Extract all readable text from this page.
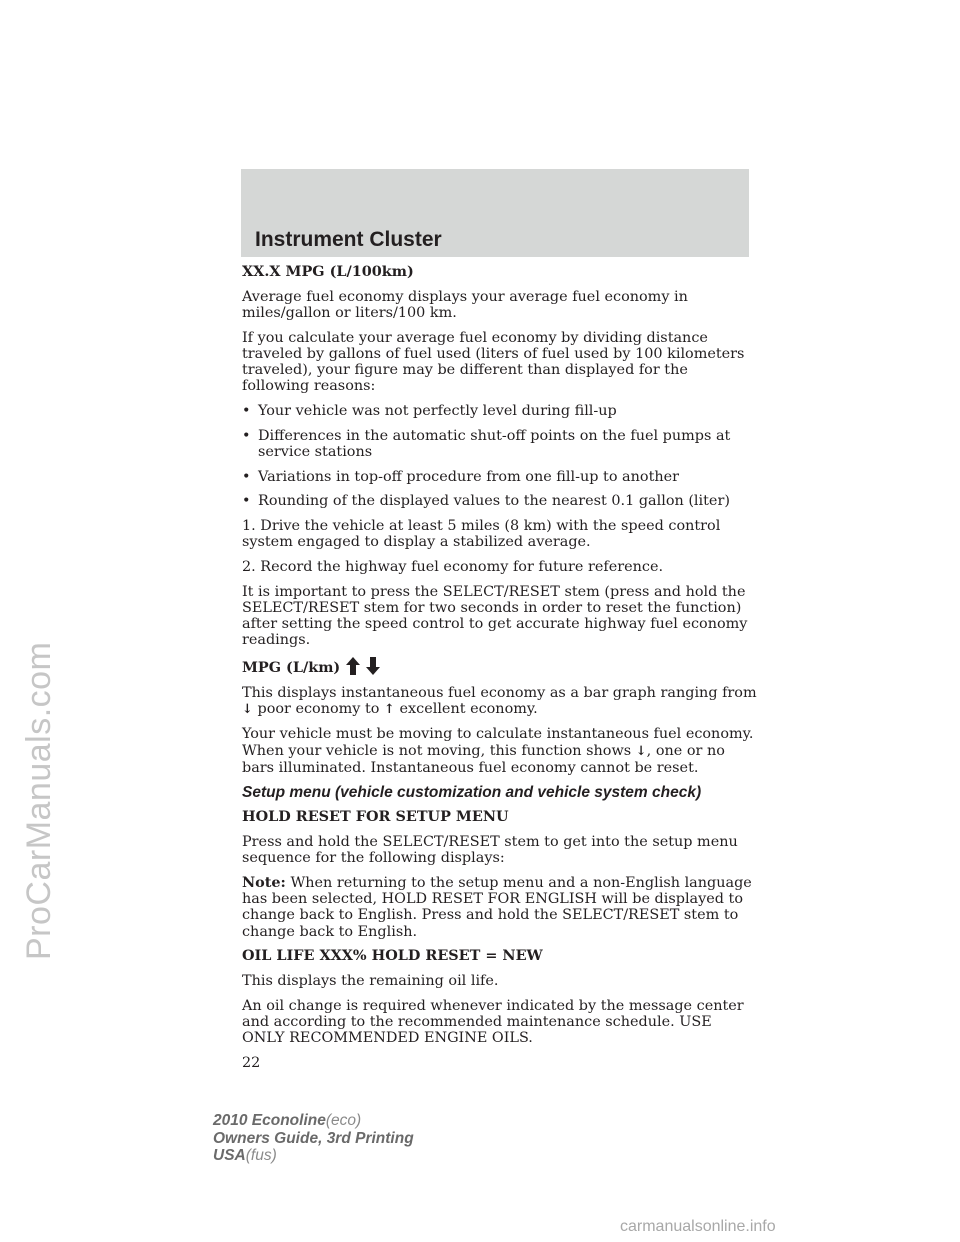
ProCarManuals.com
Instrument Cluster

XX.X MPG (L/100km)

Average fuel economy displays your average fuel economy in miles/gallon or liters/100 km.

If you calculate your average fuel economy by dividing distance traveled by gallons of fuel used (liters of fuel used by 100 kilometers traveled), your figure may be different than displayed for the following reasons:

• Your vehicle was not perfectly level during fill-up
• Differences in the automatic shut-off points on the fuel pumps at service stations
• Variations in top-off procedure from one fill-up to another
• Rounding of the displayed values to the nearest 0.1 gallon (liter)

1. Drive the vehicle at least 5 miles (8 km) with the speed control system engaged to display a stabilized average.

2. Record the highway fuel economy for future reference.

It is important to press the SELECT/RESET stem (press and hold the SELECT/RESET stem for two seconds in order to reset the function) after setting the speed control to get accurate highway fuel economy readings.

MPG (L/km)

This displays instantaneous fuel economy as a bar graph ranging from ↓ poor economy to ↑ excellent economy.

Your vehicle must be moving to calculate instantaneous fuel economy. When your vehicle is not moving, this function shows ↓, one or no bars illuminated. Instantaneous fuel economy cannot be reset.

Setup menu (vehicle customization and vehicle system check)

HOLD RESET FOR SETUP MENU

Press and hold the SELECT/RESET stem to get into the setup menu sequence for the following displays:

Note: When returning to the setup menu and a non-English language has been selected, HOLD RESET FOR ENGLISH will be displayed to change back to English. Press and hold the SELECT/RESET stem to change back to English.

OIL LIFE XXX% HOLD RESET = NEW

This displays the remaining oil life.

An oil change is required whenever indicated by the message center and according to the recommended maintenance schedule. USE ONLY RECOMMENDED ENGINE OILS.

22

2010 Econoline(eco)
Owners Guide, 3rd Printing
USA(fus)
carmanualsonline.info
